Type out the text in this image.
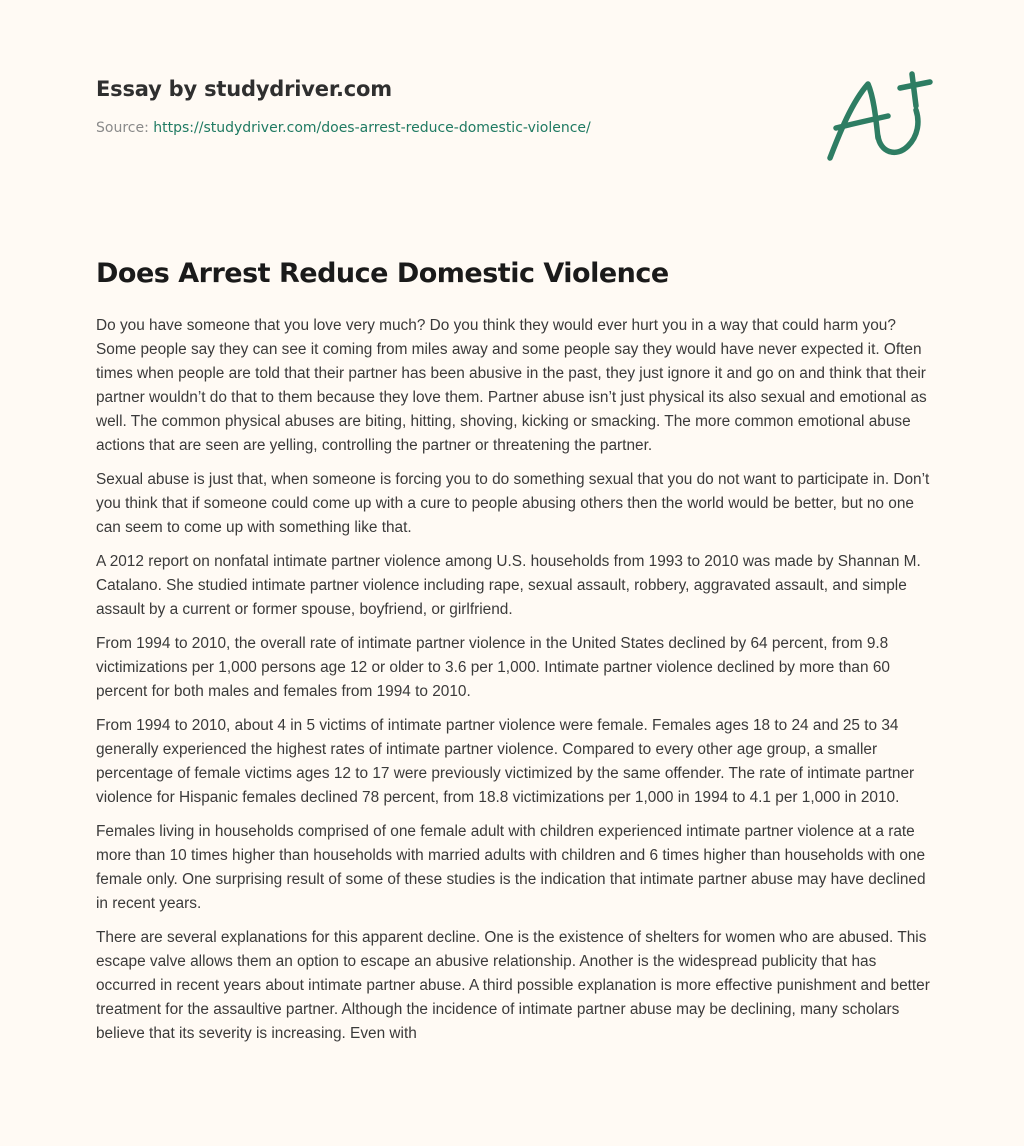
Essay by studydriver.com
Source: https://studydriver.com/does-arrest-reduce-domestic-violence/
Does Arrest Reduce Domestic Violence

Do you have someone that you love very much? Do you think they would ever hurt you in a way that could harm you? Some people say they can see it coming from miles away and some people say they would have never expected it. Often times when people are told that their partner has been abusive in the past, they just ignore it and go on and think that their partner wouldn’t do that to them because they love them. Partner abuse isn’t just physical its also sexual and emotional as well. The common physical abuses are biting, hitting, shoving, kicking or smacking. The more common emotional abuse actions that are seen are yelling, controlling the partner or threatening the partner.

Sexual abuse is just that, when someone is forcing you to do something sexual that you do not want to participate in. Don’t you think that if someone could come up with a cure to people abusing others then the world would be better, but no one can seem to come up with something like that.

A 2012 report on nonfatal intimate partner violence among U.S. households from 1993 to 2010 was made by Shannan M. Catalano. She studied intimate partner violence including rape, sexual assault, robbery, aggravated assault, and simple assault by a current or former spouse, boyfriend, or girlfriend.

From 1994 to 2010, the overall rate of intimate partner violence in the United States declined by 64 percent, from 9.8 victimizations per 1,000 persons age 12 or older to 3.6 per 1,000. Intimate partner violence declined by more than 60 percent for both males and females from 1994 to 2010.

From 1994 to 2010, about 4 in 5 victims of intimate partner violence were female. Females ages 18 to 24 and 25 to 34 generally experienced the highest rates of intimate partner violence. Compared to every other age group, a smaller percentage of female victims ages 12 to 17 were previously victimized by the same offender. The rate of intimate partner violence for Hispanic females declined 78 percent, from 18.8 victimizations per 1,000 in 1994 to 4.1 per 1,000 in 2010.

Females living in households comprised of one female adult with children experienced intimate partner violence at a rate more than 10 times higher than households with married adults with children and 6 times higher than households with one female only. One surprising result of some of these studies is the indication that intimate partner abuse may have declined in recent years.

There are several explanations for this apparent decline. One is the existence of shelters for women who are abused. This escape valve allows them an option to escape an abusive relationship. Another is the widespread publicity that has occurred in recent years about intimate partner abuse. A third possible explanation is more effective punishment and better treatment for the assaultive partner. Although the incidence of intimate partner abuse may be declining, many scholars believe that its severity is increasing. Even with
